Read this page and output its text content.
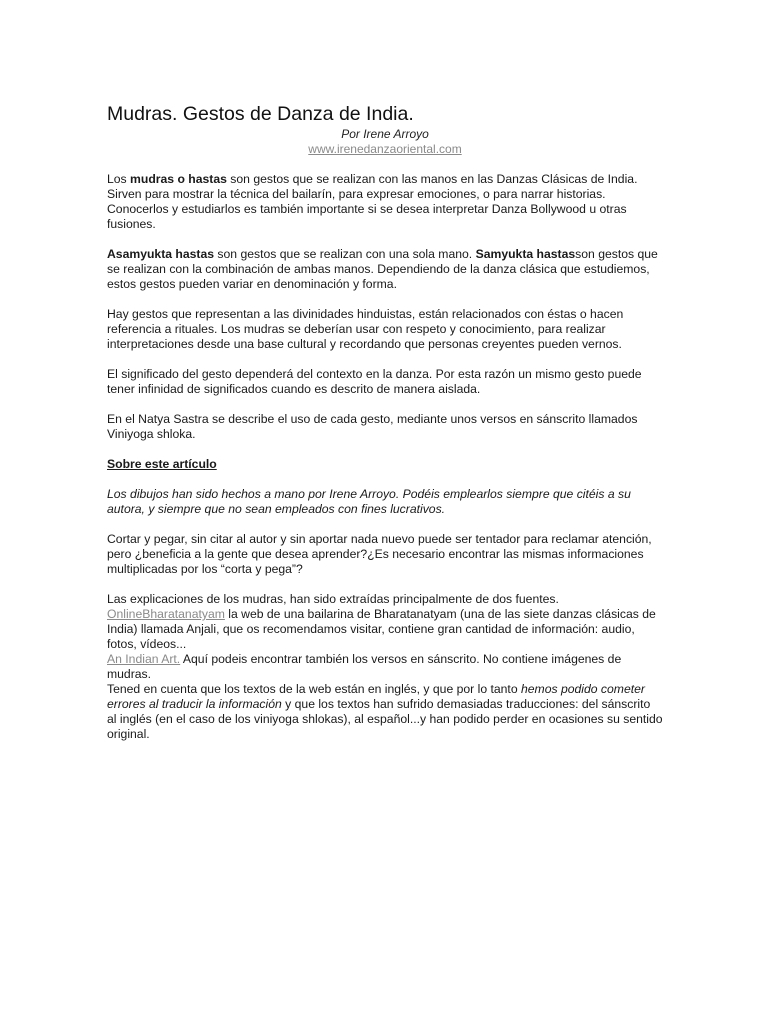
Mudras. Gestos de Danza de India.
Por Irene Arroyo
www.irenedanzaoriental.com

Los mudras o hastas son gestos que se realizan con las manos en las Danzas Clásicas de India. Sirven para mostrar la técnica del bailarín, para expresar emociones, o para narrar historias. Conocerlos y estudiarlos es también importante si se desea interpretar Danza Bollywood u otras fusiones.

Asamyukta hastas son gestos que se realizan con una sola mano. Samyukta hastasson gestos que se realizan con la combinación de ambas manos. Dependiendo de la danza clásica que estudiemos, estos gestos pueden variar en denominación y forma.

Hay gestos que representan a las divinidades hinduistas, están relacionados con éstas o hacen referencia a rituales. Los mudras se deberían usar con respeto y conocimiento, para realizar interpretaciones desde una base cultural y recordando que personas creyentes pueden vernos.

El significado del gesto dependerá del contexto en la danza. Por esta razón un mismo gesto puede tener infinidad de significados cuando es descrito de manera aislada.

En el Natya Sastra se describe el uso de cada gesto, mediante unos versos en sánscrito llamados Viniyoga shloka.

Sobre este artículo

Los dibujos han sido hechos a mano por Irene Arroyo. Podéis emplearlos siempre que citéis a su autora, y siempre que no sean empleados con fines lucrativos.

Cortar y pegar, sin citar al autor y sin aportar nada nuevo puede ser tentador para reclamar atención, pero ¿beneficia a la gente que desea aprender?¿Es necesario encontrar las mismas informaciones multiplicadas por los “corta y pega”?

Las explicaciones de los mudras, han sido extraídas principalmente de dos fuentes.
OnlineBharatanatyam la web de una bailarina de Bharatanatyam (una de las siete danzas clásicas de India) llamada Anjali, que os recomendamos visitar, contiene gran cantidad de información: audio, fotos, vídeos...
An Indian Art. Aquí podeis encontrar también los versos en sánscrito. No contiene imágenes de mudras.
Tened en cuenta que los textos de la web están en inglés, y que por lo tanto hemos podido cometer errores al traducir la información y que los textos han sufrido demasiadas traducciones: del sánscrito al inglés (en el caso de los viniyoga shlokas), al español...y han podido perder en ocasiones su sentido original.
